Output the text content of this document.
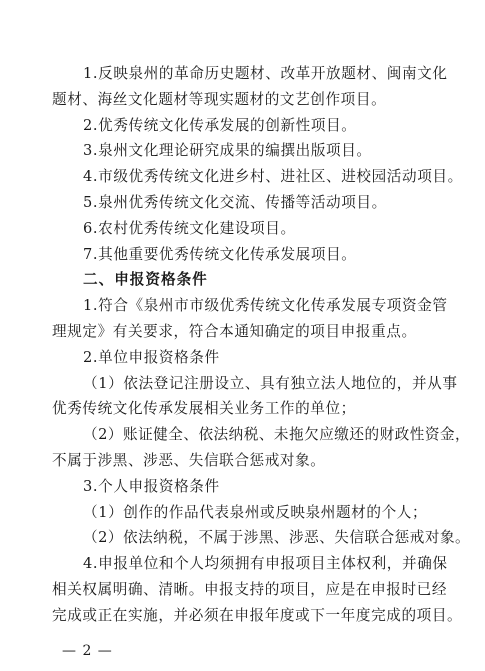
1.反映泉州的革命历史题材、改革开放题材、闽南文化
题材、海丝文化题材等现实题材的文艺创作项目。
2.优秀传统文化传承发展的创新性项目。
3.泉州文化理论研究成果的编撰出版项目。
4.市级优秀传统文化进乡村、进社区、进校园活动项目。
5.泉州优秀传统文化交流、传播等活动项目。
6.农村优秀传统文化建设项目。
7.其他重要优秀传统文化传承发展项目。
二、申报资格条件
1.符合《泉州市市级优秀传统文化传承发展专项资金管
理规定》有关要求，符合本通知确定的项目申报重点。
2.单位申报资格条件
（1）依法登记注册设立、具有独立法人地位的，并从事
优秀传统文化传承发展相关业务工作的单位；
（2）账证健全、依法纳税、未拖欠应缴还的财政性资金，
不属于涉黑、涉恶、失信联合惩戒对象。
3.个人申报资格条件
（1）创作的作品代表泉州或反映泉州题材的个人；
（2）依法纳税，不属于涉黑、涉恶、失信联合惩戒对象。
4.申报单位和个人均须拥有申报项目主体权利，并确保
相关权属明确、清晰。申报支持的项目，应是在申报时已经
完成或正在实施，并必须在申报年度或下一年度完成的项目。
— 2 —
